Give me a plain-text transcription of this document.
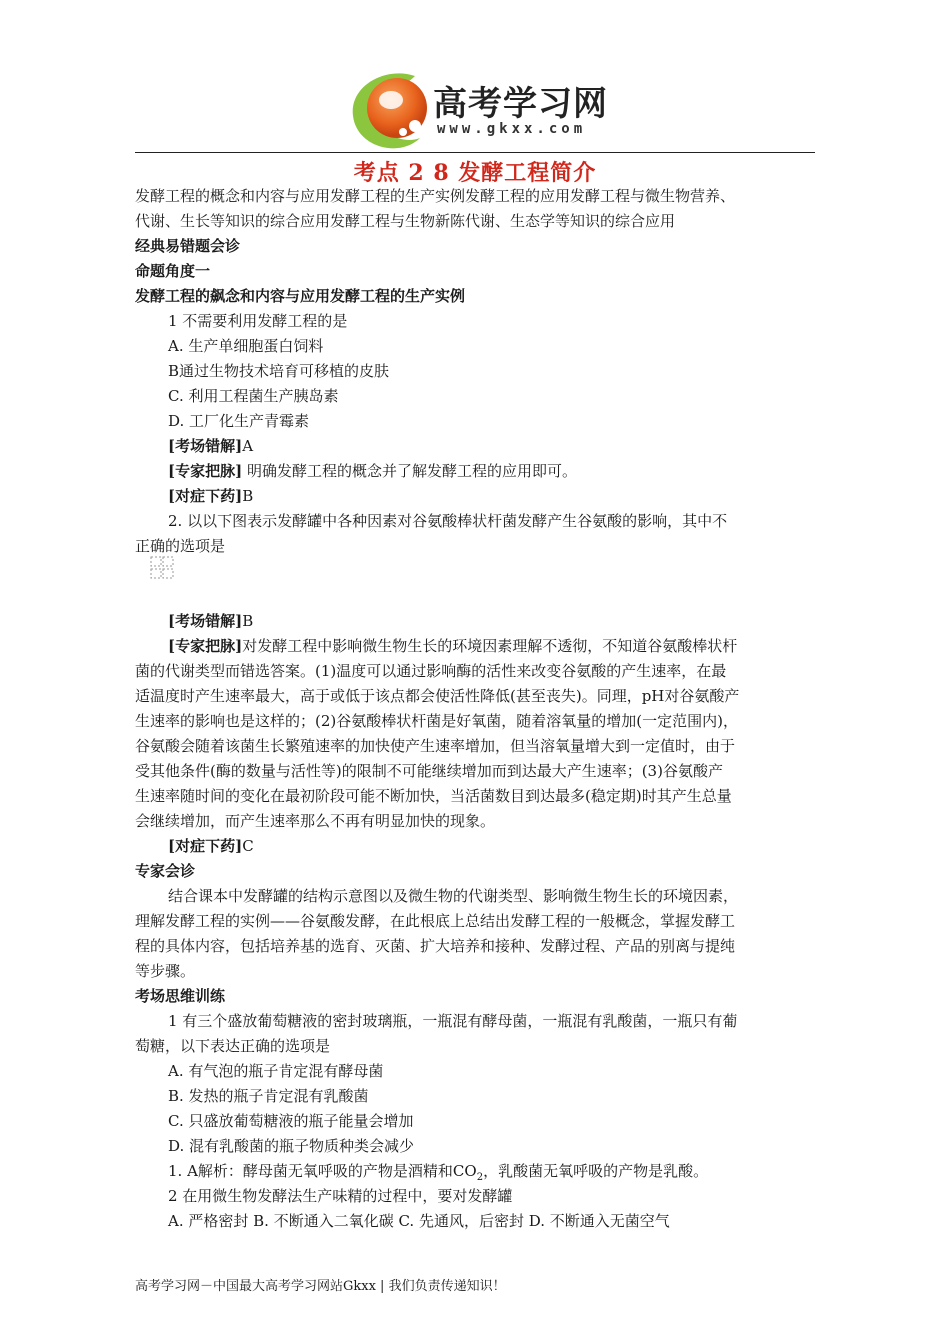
高考学习网
www.gkxx.com
考点 2 8 发酵工程简介
发酵工程的概念和内容与应用发酵工程的生产实例发酵工程的应用发酵工程与微生物营养、
代谢、生长等知识的综合应用发酵工程与生物新陈代谢、生态学等知识的综合应用
经典易错题会诊
命题角度一
发酵工程的飙念和内容与应用发酵工程的生产实例
1 不需要利用发酵工程的是
A. 生产单细胞蛋白饲料
B通过生物技术培育可移植的皮肤
C. 利用工程菌生产胰岛素
D. 工厂化生产青霉素
[考场错解]A
[专家把脉] 明确发酵工程的概念并了解发酵工程的应用即可。
[对症下药]B
2. 以以下图表示发酵罐中各种因素对谷氨酸棒状杆菌发酵产生谷氨酸的影响，其中不
正确的选项是
[考场错解]B
[专家把脉]对发酵工程中影响微生物生长的环境因素理解不透彻，不知道谷氨酸棒状杆
菌的代谢类型而错选答案。(1)温度可以通过影响酶的活性来改变谷氨酸的产生速率，在最
适温度时产生速率最大，高于或低于该点都会使活性降低(甚至丧失)。同理，pH对谷氨酸产
生速率的影响也是这样的；(2)谷氨酸棒状杆菌是好氧菌，随着溶氧量的增加(一定范围内)，
谷氨酸会随着该菌生长繁殖速率的加快使产生速率增加，但当溶氧量增大到一定值时，由于
受其他条件(酶的数量与活性等)的限制不可能继续增加而到达最大产生速率；(3)谷氨酸产
生速率随时间的变化在最初阶段可能不断加快，当活菌数目到达最多(稳定期)时其产生总量
会继续增加，而产生速率那么不再有明显加快的现象。
[对症下药]C
专家会诊
结合课本中发酵罐的结构示意图以及微生物的代谢类型、影响微生物生长的环境因素，
理解发酵工程的实例——谷氨酸发酵，在此根底上总结出发酵工程的一般概念，掌握发酵工
程的具体内容，包括培养基的选育、灭菌、扩大培养和接种、发酵过程、产品的别离与提纯
等步骤。
考场思维训练
1 有三个盛放葡萄糖液的密封玻璃瓶，一瓶混有酵母菌，一瓶混有乳酸菌，一瓶只有葡
萄糖，以下表达正确的选项是
A. 有气泡的瓶子肯定混有酵母菌
B. 发热的瓶子肯定混有乳酸菌
C. 只盛放葡萄糖液的瓶子能量会增加
D. 混有乳酸菌的瓶子物质种类会减少
1. A解析：酵母菌无氧呼吸的产物是酒精和$CO_2$，乳酸菌无氧呼吸的产物是乳酸。
2 在用微生物发酵法生产味精的过程中，要对发酵罐
A. 严格密封 B. 不断通入二氧化碳 C. 先通风，后密封 D. 不断通入无菌空气
高考学习网－中国最大高考学习网站Gkxx | 我们负责传递知识！
